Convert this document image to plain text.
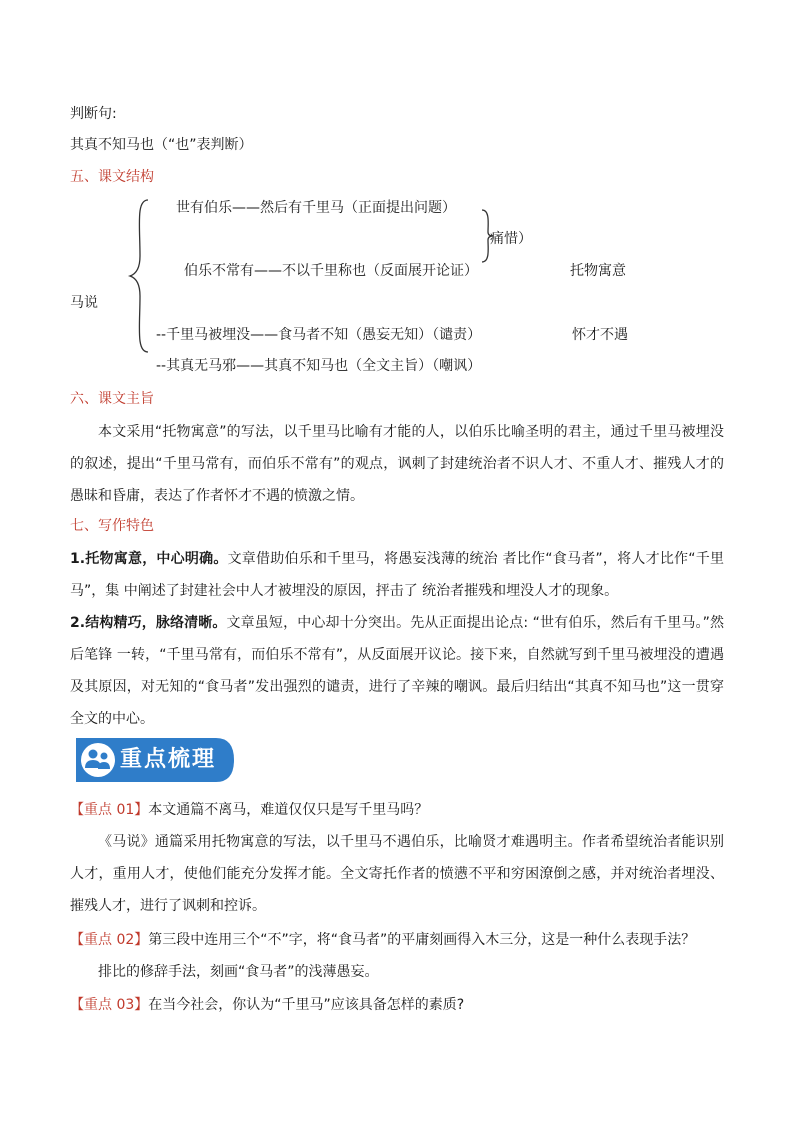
判断句:
其真不知马也（“也”表判断）
五、课文结构
世有伯乐——然后有千里马（正面提出问题）
痛惜）
伯乐不常有——不以千里称也（反面展开论证）	托物寓意
马说
--千里马被埋没——食马者不知（愚妄无知）（谴责）	怀才不遇
--其真无马邪——其真不知马也（全文主旨）（嘲讽）
六、课文主旨
本文采用“托物寓意”的写法，以千里马比喻有才能的人，以伯乐比喻圣明的君主，通过千里马被埋没的叙述，提出“千里马常有，而伯乐不常有”的观点，讽刺了封建统治者不识人才、不重人才、摧残人才的愚昧和昏庸，表达了作者怀才不遇的愤激之情。
七、写作特色
1.托物寓意，中心明确。文章借助伯乐和千里马，将愚妄浅薄的统治 者比作“食马者”，将人才比作“千里马”，集 中阐述了封建社会中人才被埋没的原因，抨击了 统治者摧残和埋没人才的现象。
2.结构精巧，脉络清晰。文章虽短，中心却十分突出。先从正面提出论点: “世有伯乐，然后有千里马。”然后笔锋 一转，“千里马常有，而伯乐不常有”，从反面展开议论。接下来，自然就写到千里马被埋没的遭遇及其原因，对无知的“食马者”发出强烈的谴责，进行了辛辣的嘲讽。最后归结出“其真不知马也”这一贯穿全文的中心。
重点梳理
【重点 01】本文通篇不离马，难道仅仅只是写千里马吗？
《马说》通篇采用托物寓意的写法，以千里马不遇伯乐，比喻贤才难遇明主。作者希望统治者能识别人才，重用人才，使他们能充分发挥才能。全文寄托作者的愤懑不平和穷困潦倒之感，并对统治者埋没、摧残人才，进行了讽刺和控诉。
【重点 02】第三段中连用三个“不”字，将“食马者”的平庸刻画得入木三分，这是一种什么表现手法？
排比的修辞手法，刻画“食马者”的浅薄愚妄。
【重点 03】在当今社会，你认为“千里马”应该具备怎样的素质?
